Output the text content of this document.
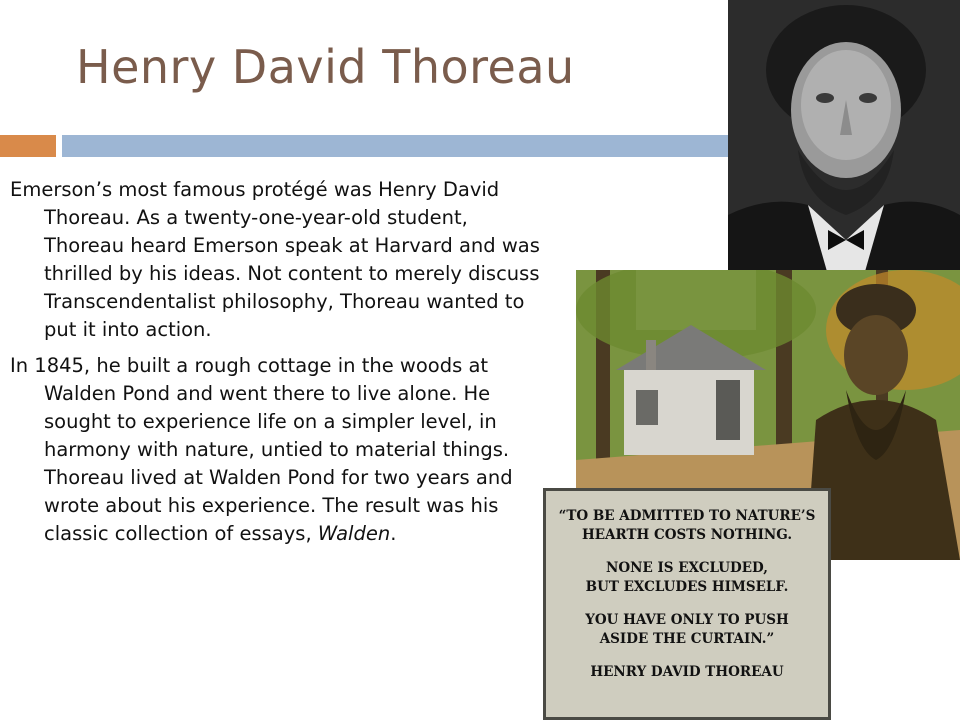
Henry David Thoreau

Emerson’s most famous protégé was Henry David Thoreau. As a twenty-one-year-old student, Thoreau heard Emerson speak at Harvard and was thrilled by his ideas. Not content to merely discuss Transcendentalist philosophy, Thoreau wanted to put it into action.

In 1845, he built a rough cottage in the woods at Walden Pond and went there to live alone. He sought to experience life on a simpler level, in harmony with nature, untied to material things. Thoreau lived at Walden Pond for two years and wrote about his experience. The result was his classic collection of essays, Walden.

“TO BE ADMITTED TO NATURE’S
HEARTH COSTS NOTHING.
NONE IS EXCLUDED,
BUT EXCLUDES HIMSELF.
YOU HAVE ONLY TO PUSH
ASIDE THE CURTAIN.”
HENRY DAVID THOREAU
